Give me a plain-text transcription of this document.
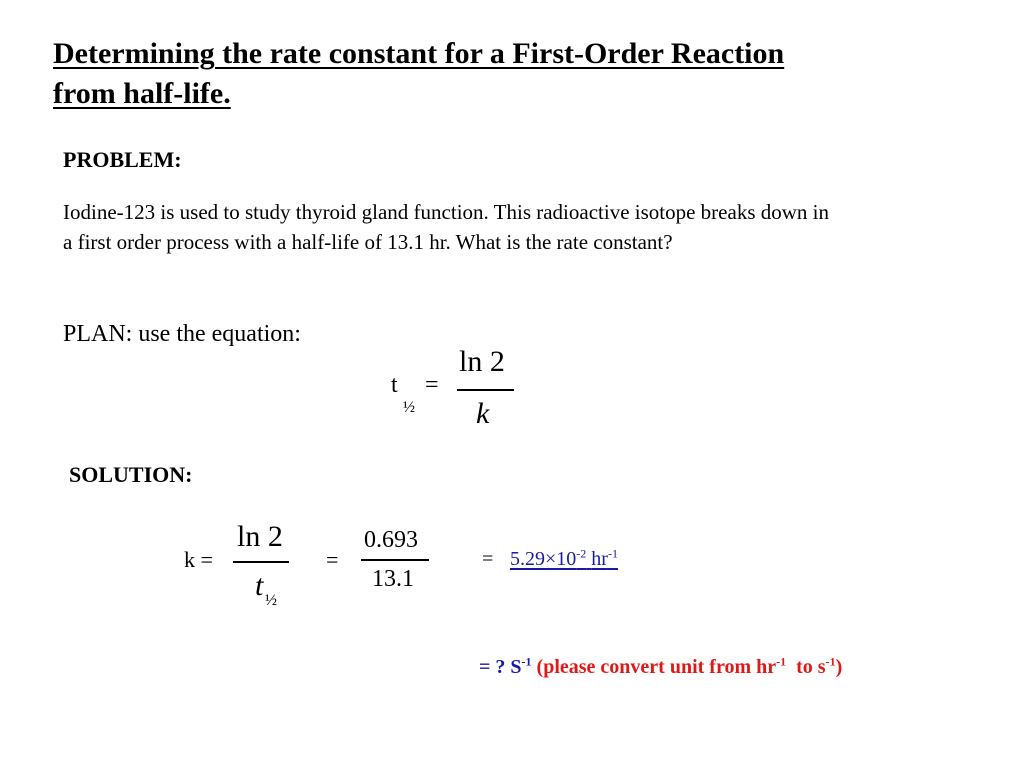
Determining the rate constant for a First-Order Reaction
from half-life.
PROBLEM:
Iodine-123 is used to study thyroid gland function. This radioactive isotope breaks down in
a first order process with a half-life of 13.1 hr. What is the rate constant?
PLAN: use the equation:
t
½
=
ln 2
k
SOLUTION:
k =
ln 2
t ½
=
0.693
13.1
= $5.29\times 10^{-2}$ $hr^{-1}$
= ? $S^{-1}$ (please convert unit from $hr^{-1}$  to $s^{-1}$)
